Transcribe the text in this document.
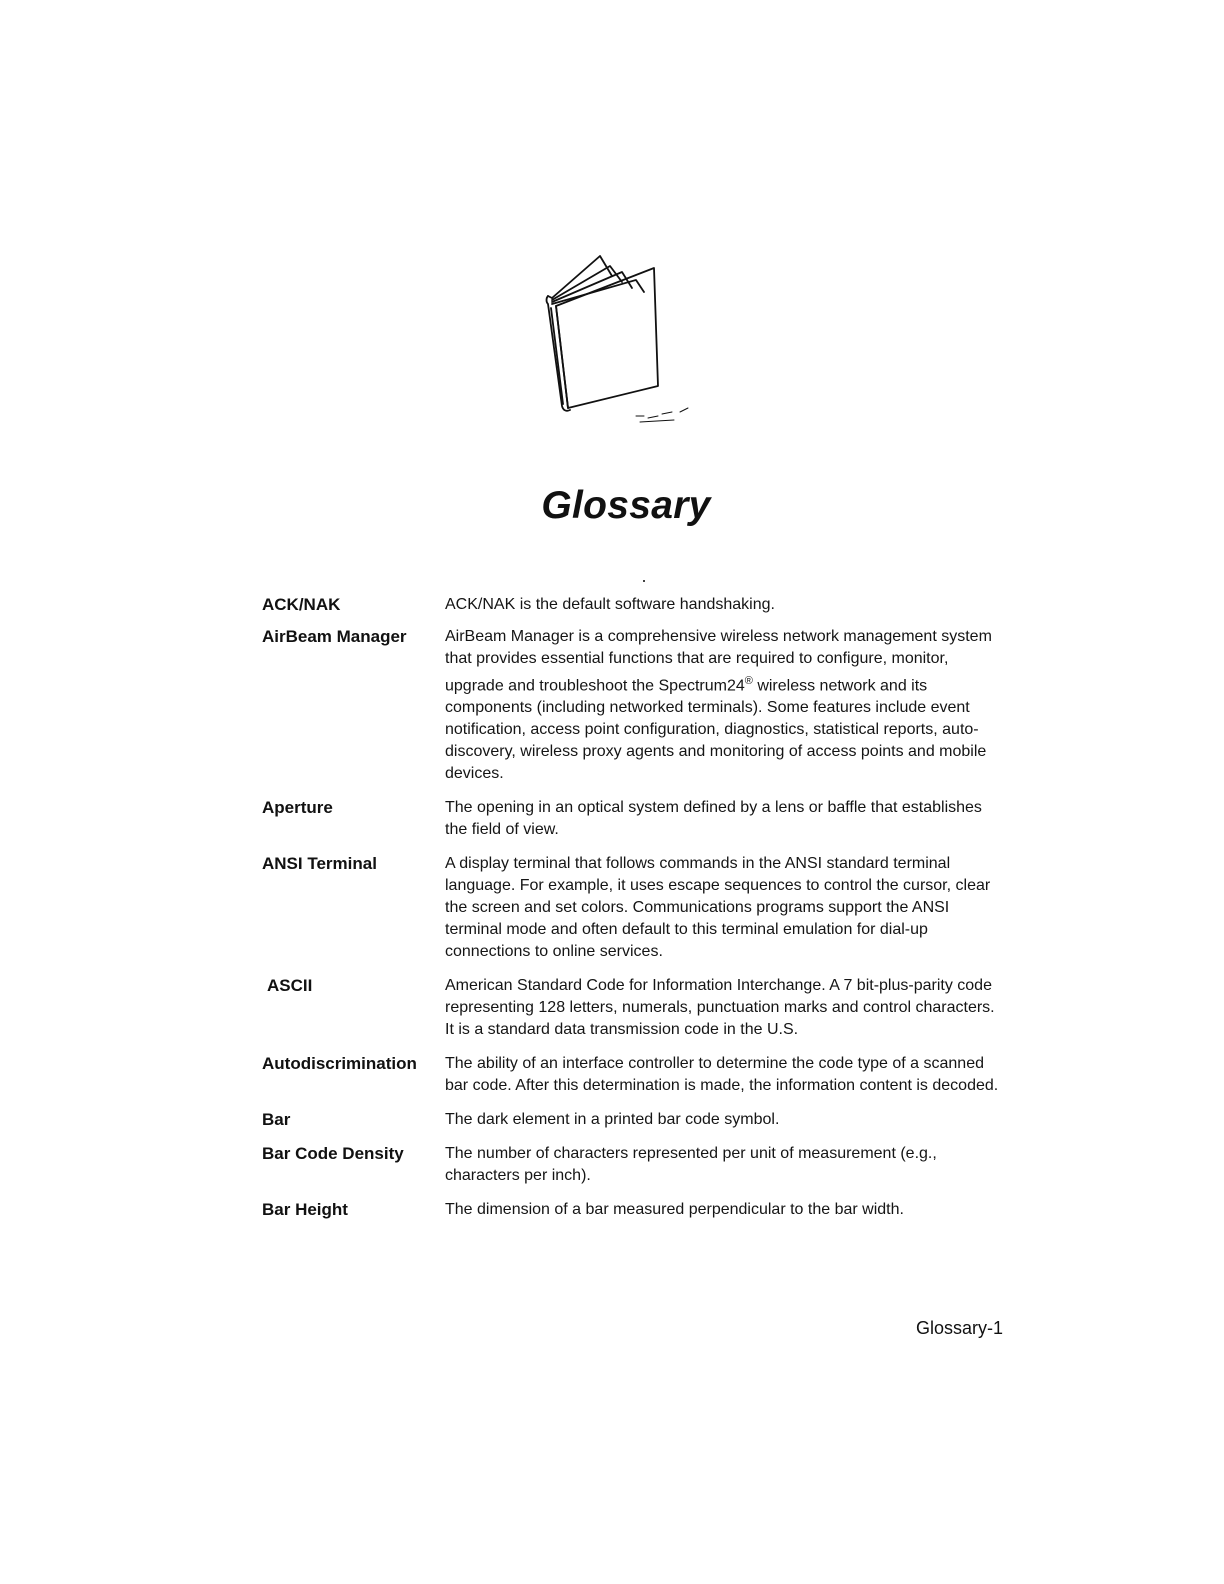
Glossary
ACK/NAK	ACK/NAK is the default software handshaking.
AirBeam Manager	AirBeam Manager is a comprehensive wireless network management system that provides essential functions that are required to configure, monitor, upgrade and troubleshoot the Spectrum24® wireless network and its components (including networked terminals). Some features include event notification, access point configuration, diagnostics, statistical reports, auto-discovery, wireless proxy agents and monitoring of access points and mobile devices.
Aperture	The opening in an optical system defined by a lens or baffle that establishes the field of view.
ANSI Terminal	A display terminal that follows commands in the ANSI standard terminal language. For example, it uses escape sequences to control the cursor, clear the screen and set colors. Communications programs support the ANSI terminal mode and often default to this terminal emulation for dial-up connections to online services.
ASCII	American Standard Code for Information Interchange. A 7 bit-plus-parity code representing 128 letters, numerals, punctuation marks and control characters. It is a standard data transmission code in the U.S.
Autodiscrimination	The ability of an interface controller to determine the code type of a scanned bar code. After this determination is made, the information content is decoded.
Bar	The dark element in a printed bar code symbol.
Bar Code Density	The number of characters represented per unit of measurement (e.g., characters per inch).
Bar Height	The dimension of a bar measured perpendicular to the bar width.
Glossary-1
